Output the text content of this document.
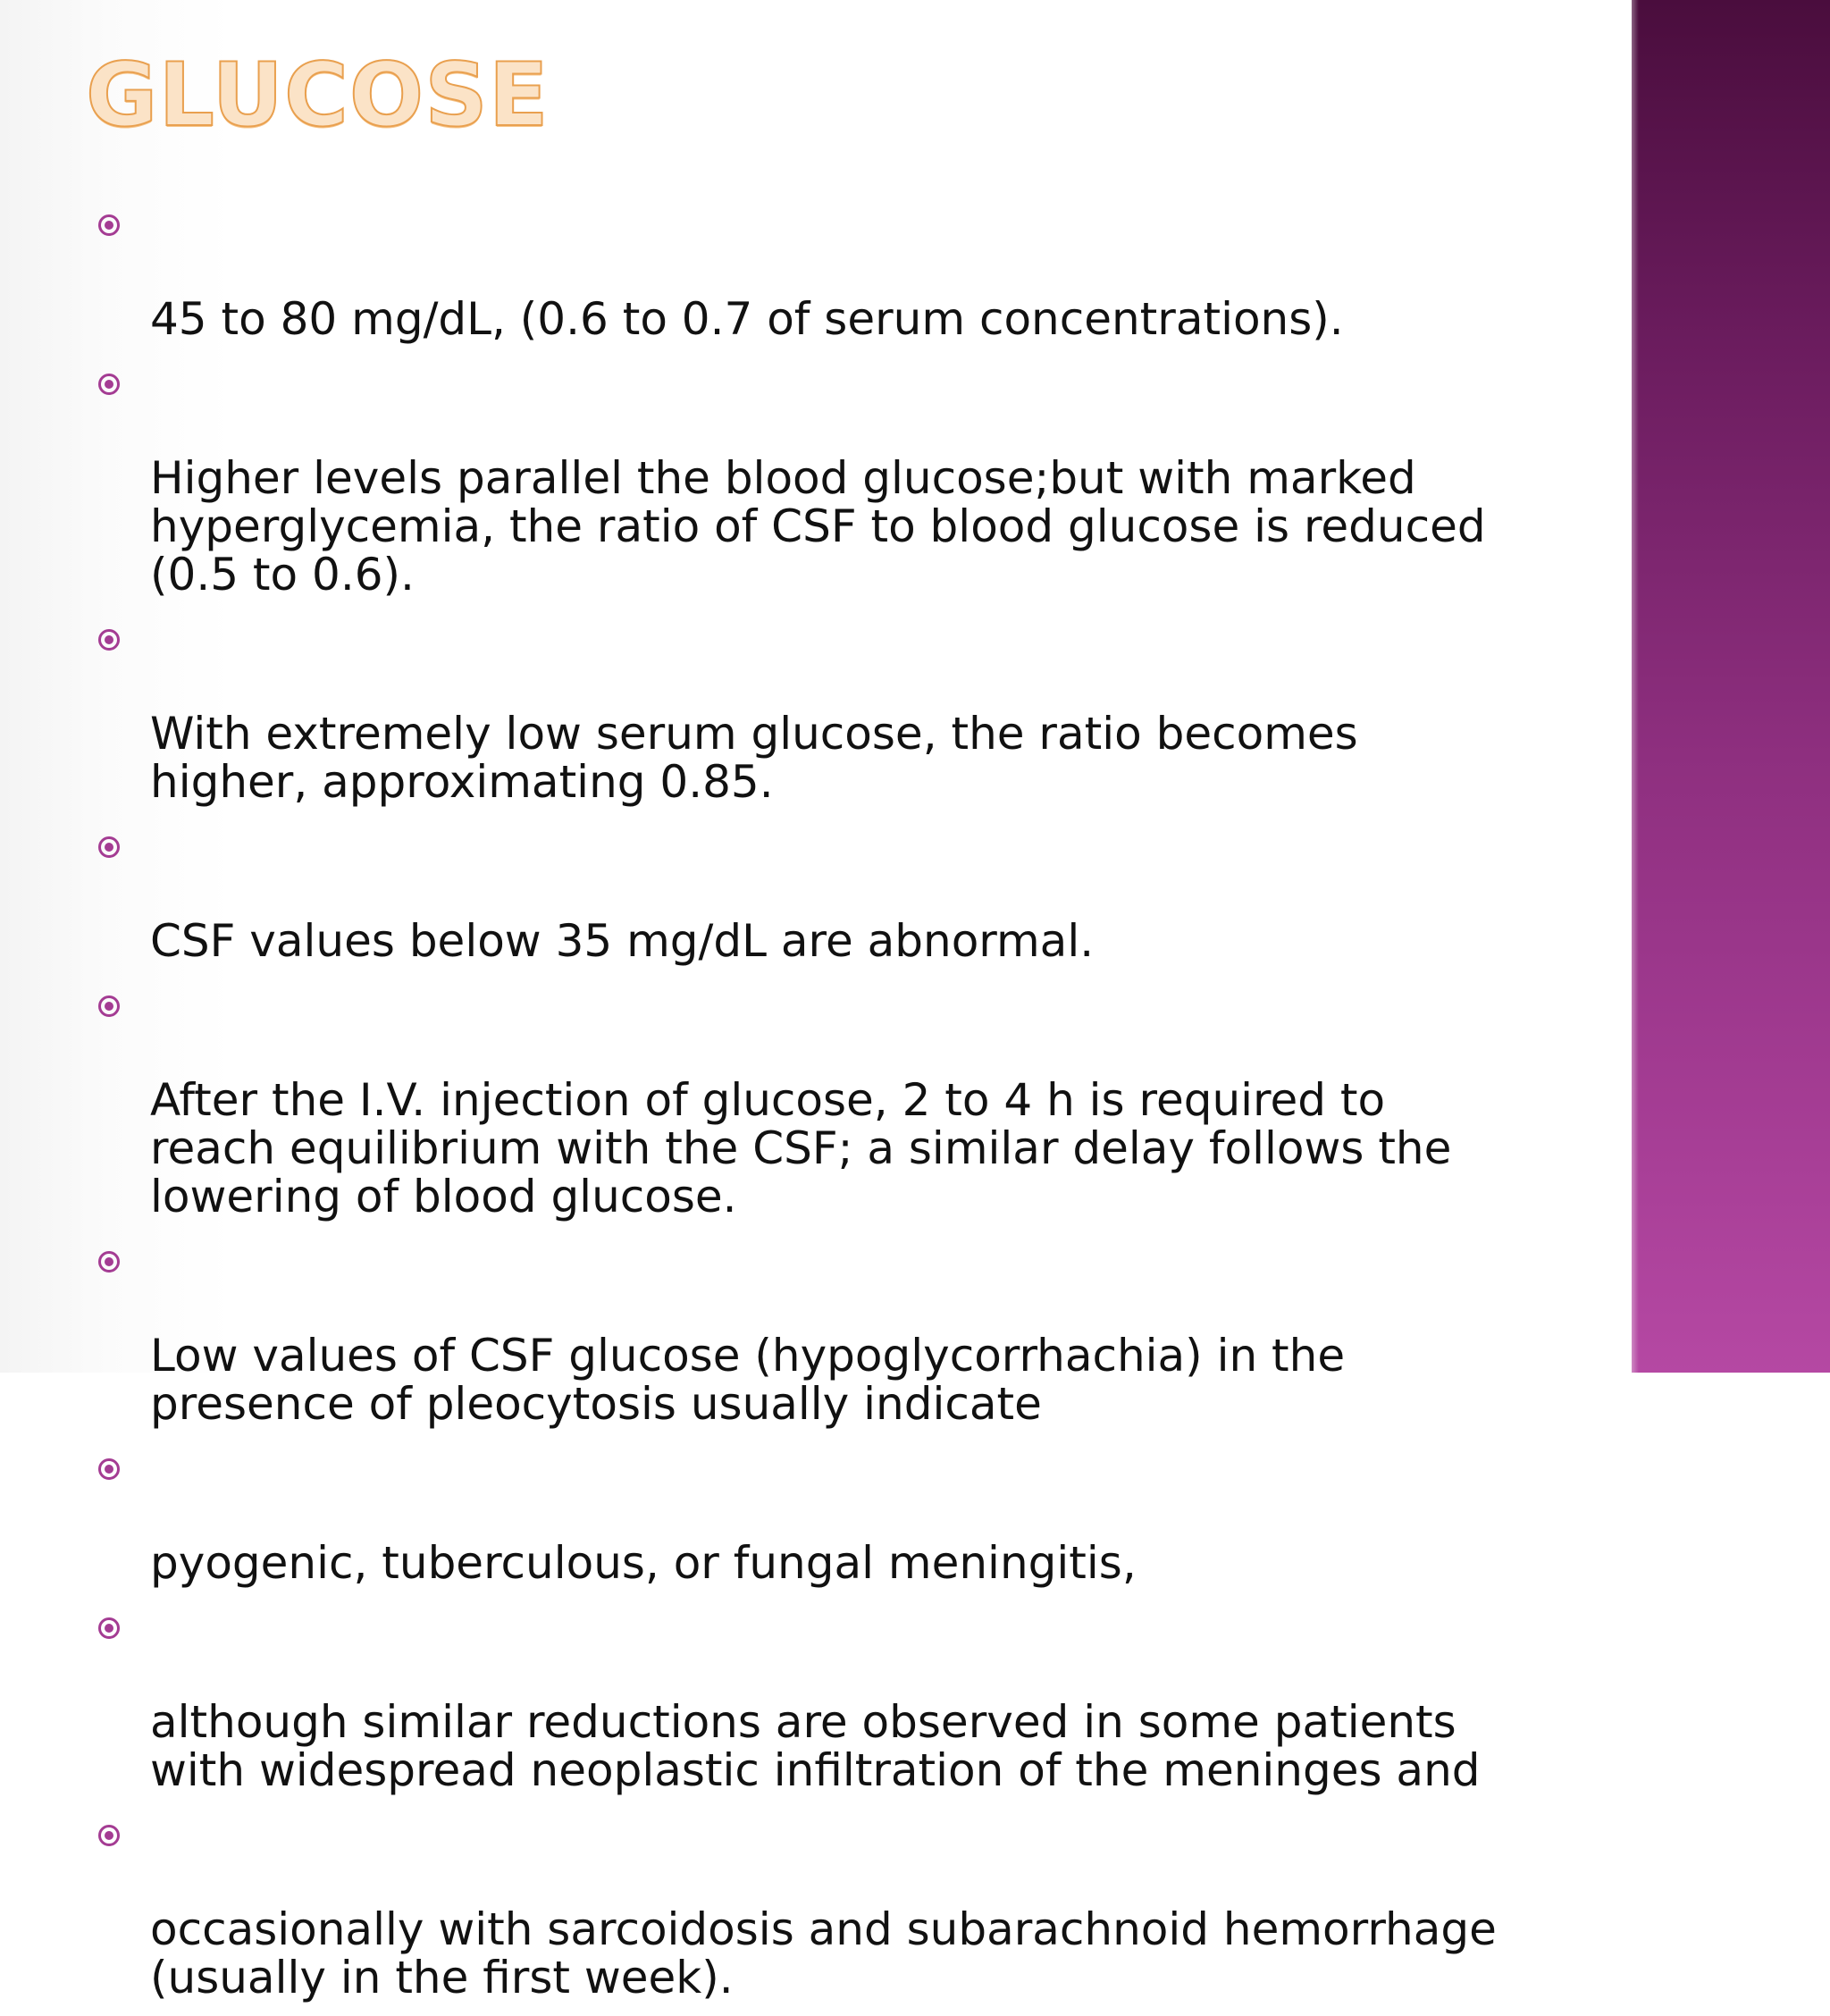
GLUCOSE

45 to 80 mg/dL, (0.6 to 0.7 of serum concentrations).

Higher levels parallel the blood glucose;but with marked
hyperglycemia, the ratio of CSF to blood glucose is reduced
(0.5 to 0.6).

With extremely low serum glucose, the ratio becomes
higher, approximating 0.85.

CSF values below 35 mg/dL are abnormal.

After the I.V. injection of glucose, 2 to 4 h is required to
reach equilibrium with the CSF; a similar delay follows the
lowering of blood glucose.

Low values of CSF glucose (hypoglycorrhachia) in the
presence of pleocytosis usually indicate

pyogenic, tuberculous, or fungal meningitis,

although similar reductions are observed in some patients
with widespread neoplastic infiltration of the meninges and

occasionally with sarcoidosis and subarachnoid hemorrhage
(usually in the first week).
